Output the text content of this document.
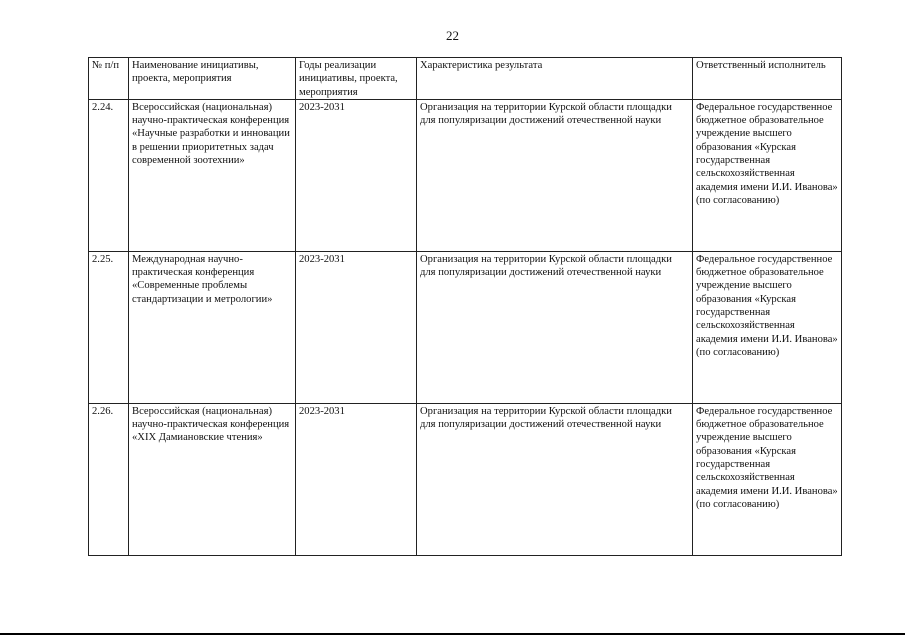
22
№ п/п	Наименование инициативы, проекта, мероприятия	Годы реализации инициативы, проекта, мероприятия	Характеристика результата	Ответственный исполнитель
2.24.	Всероссийская (национальная) научно-практическая конференция «Научные разработки и инновации в решении приоритетных задач современной зоотехнии»	2023-2031	Организация на территории Курской области площадки для популяризации достижений отечественной науки	Федеральное государственное бюджетное образовательное учреждение высшего образования «Курская государственная сельскохозяйственная академия имени И.И. Иванова» (по согласованию)
2.25.	Международная научно-практическая конференция «Современные проблемы стандартизации и метрологии»	2023-2031	Организация на территории Курской области площадки для популяризации достижений отечественной науки	Федеральное государственное бюджетное образовательное учреждение высшего образования «Курская государственная сельскохозяйственная академия имени И.И. Иванова» (по согласованию)
2.26.	Всероссийская (национальная) научно-практическая конференция «XIX Дамиановские чтения»	2023-2031	Организация на территории Курской области площадки для популяризации достижений отечественной науки	Федеральное государственное бюджетное образовательное учреждение высшего образования «Курская государственная сельскохозяйственная академия имени И.И. Иванова» (по согласованию)
